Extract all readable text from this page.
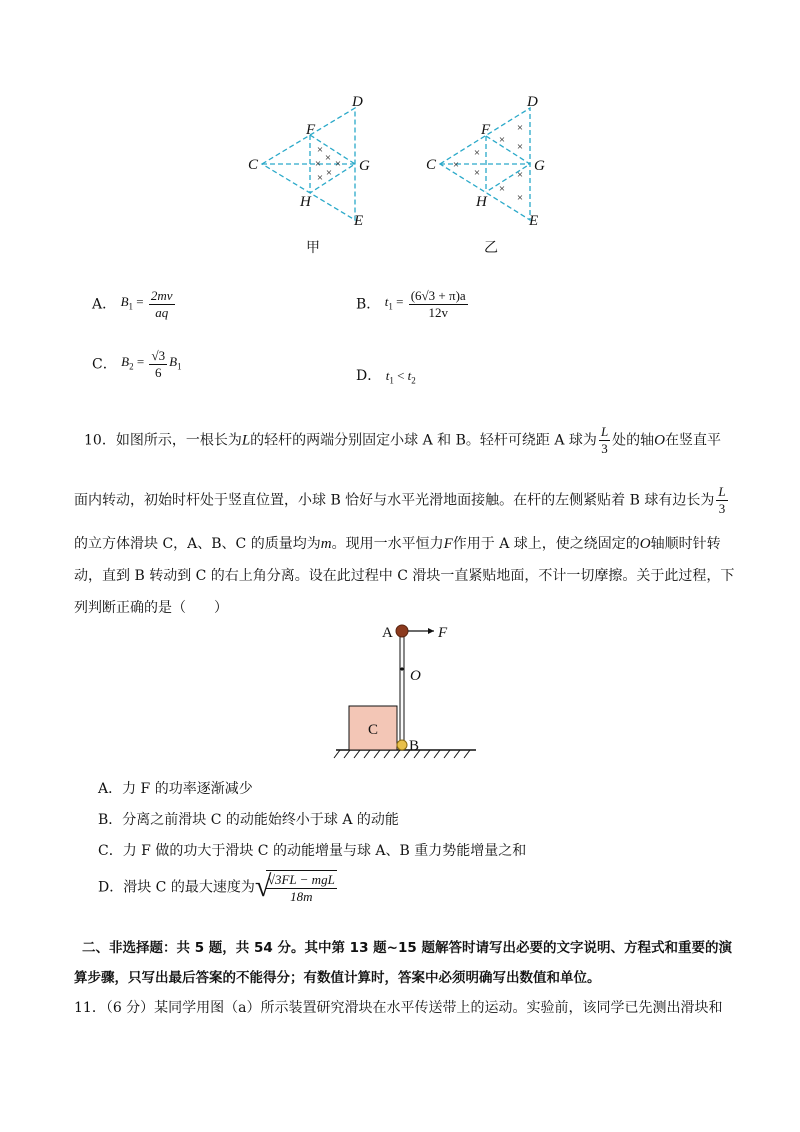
D
F
C	G
H
E
D
F
C	G
H
E
×
×
× ×
× ×
×
×
×
×
×
×	×
×
×
甲	乙
A． $B_1 = \frac{2mv}{aq}$	B． $t_1 = \frac{(6√3 + \pi)a}{12v}$
C． $B_2 = \frac{√3}{6} B_1$
D． $t_1 < t_2$
10．如图所示，一根长为L的轻杆的两端分别固定小球 A 和 B。轻杆可绕距 A 球为 $\frac{L}{3}$ 处的轴O在竖直平
面内转动，初始时杆处于竖直位置，小球 B 恰好与水平光滑地面接触。在杆的左侧紧贴着 B 球有边长为 $\frac{L}{3}$
的立方体滑块 C，A、B、C 的质量均为m。现用一水平恒力F作用于 A 球上，使之绕固定的O轴顺时针转
动，直到 B 转动到 C 的右上角分离。设在此过程中 C 滑块一直紧贴地面，不计一切摩擦。关于此过程，下
列判断正确的是（　　）
C
A	F
O
B
A．力 F 的功率逐渐减少
B．分离之前滑块 C 的动能始终小于球 A 的动能
C．力 F 做的功大于滑块 C 的动能增量与球 A、B 重力势能增量之和
D．滑块 C 的最大速度为 √
$\frac{\text{√3FL − mgL}}{18m}$
二、非选择题：共 5 题，共 54 分。其中第 13 题~15 题解答时请写出必要的文字说明、方程式和重要的演
算步骤，只写出最后答案的不能得分；有数值计算时，答案中必须明确写出数值和单位。
11．（6 分）某同学用图（a）所示装置研究滑块在水平传送带上的运动。实验前，该同学已先测出滑块和
